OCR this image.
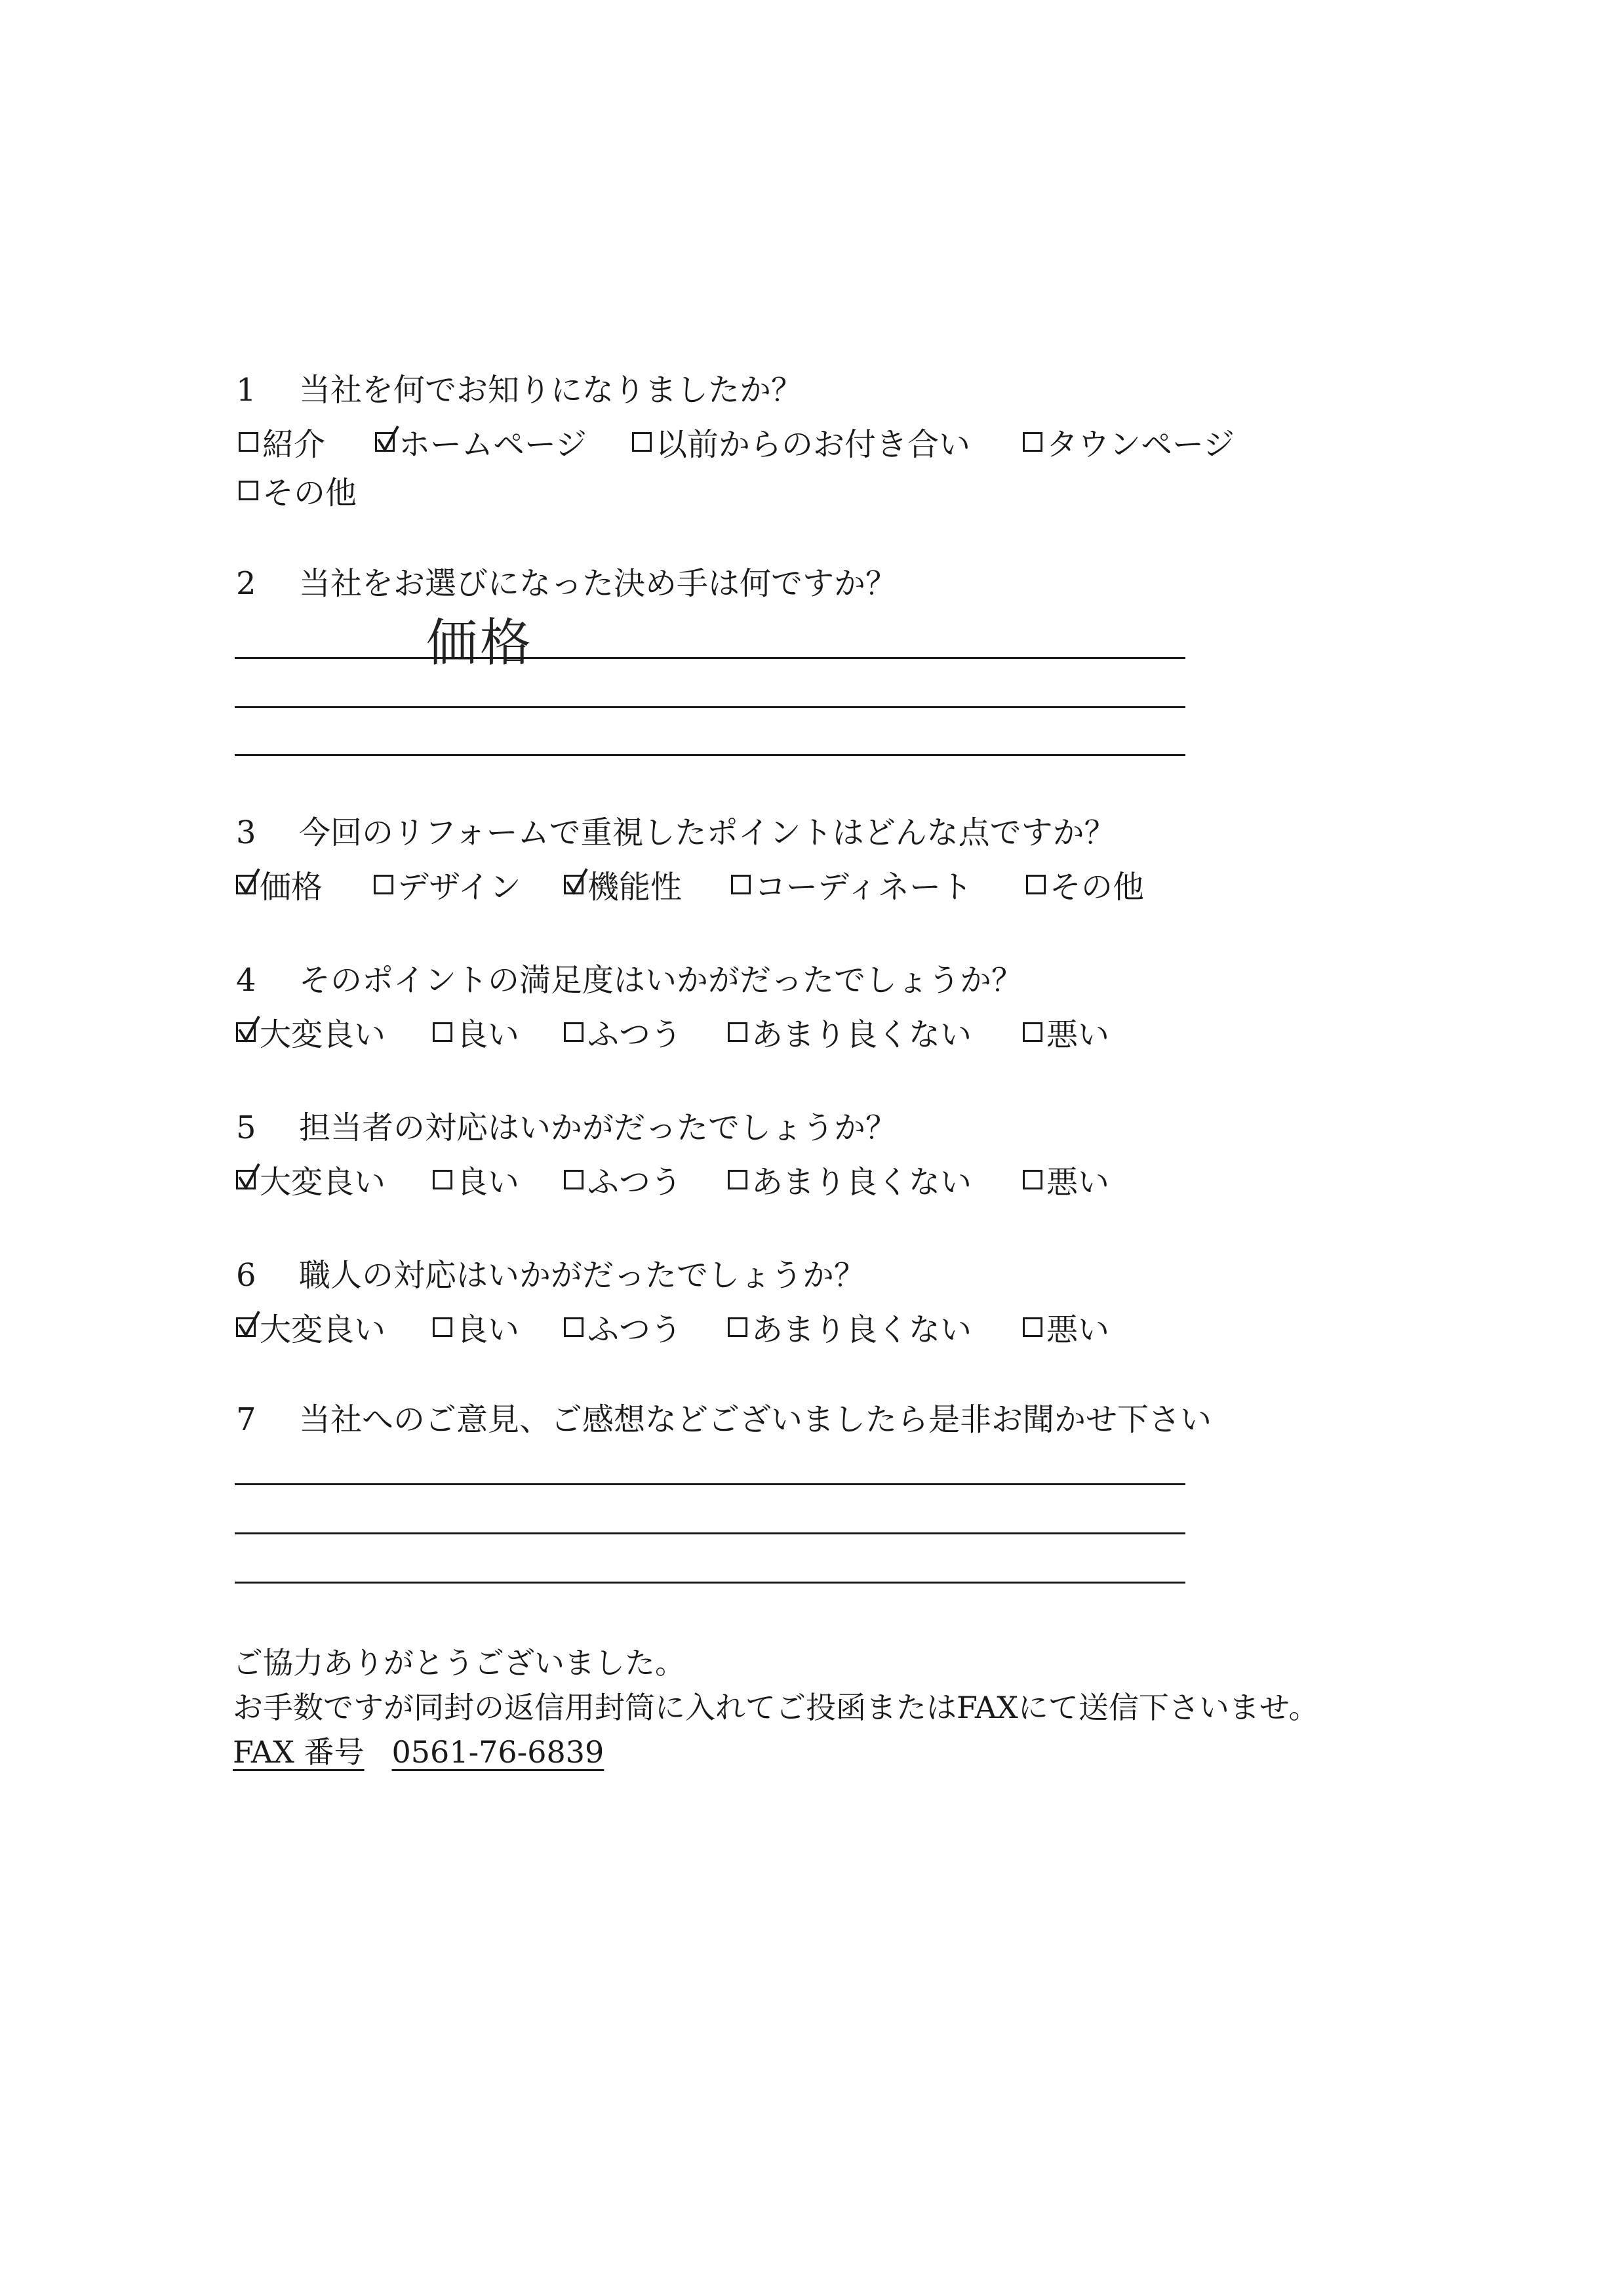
1	当社を何でお知りになりましたか？
紹介 ホームページ 以前からのお付き合い タウンページ
その他
2	当社をお選びになった決め手は何ですか？
価格
3	今回のリフォームで重視したポイントはどんな点ですか？
価格 デザイン 機能性 コーディネート その他
4	そのポイントの満足度はいかがだったでしょうか？
大変良い 良い ふつう あまり良くない 悪い
5	担当者の対応はいかがだったでしょうか？
大変良い 良い ふつう あまり良くない 悪い
6	職人の対応はいかがだったでしょうか？
大変良い 良い ふつう あまり良くない 悪い
7	当社へのご意見、ご感想などございましたら是非お聞かせ下さい
ご協力ありがとうございました。
お手数ですが同封の返信用封筒に入れてご投函またはFAXにて送信下さいませ。
FAX 番号 0561-76-6839
